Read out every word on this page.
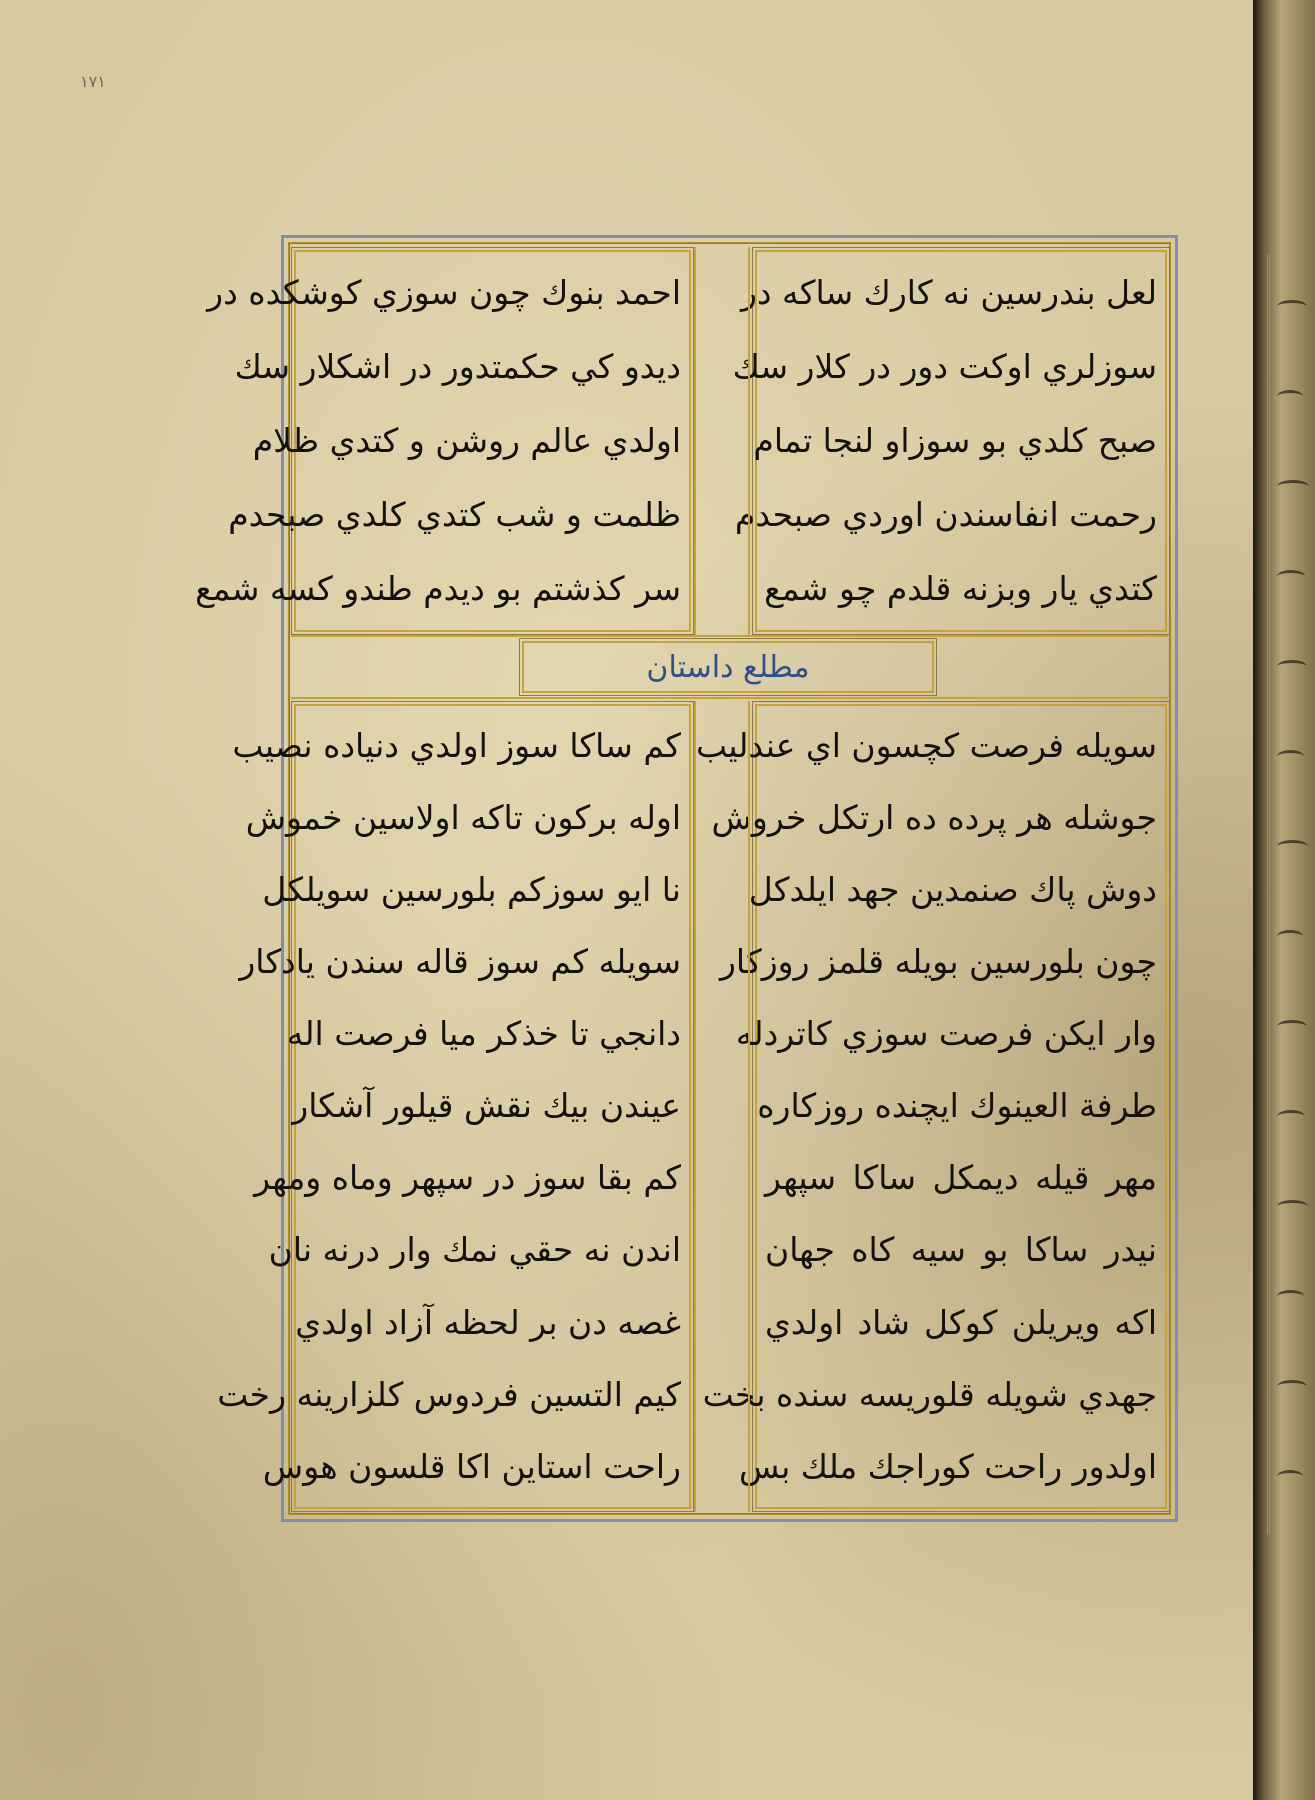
١٧١
لعل بندرسين نه كارك ساكه در
سوزلري اوكت دور در كلار سك
صبح كلدي بو سوزاو لنجا تمام
رحمت انفاسندن اوردي صبحدم
كتدي يار وبزنه قلدم چو شمع
احمد بنوك چون سوزي كوشكده در
ديدو كي حكمتدور در اشكلار سك
اولدي عالم روشن و كتدي ظلام
ظلمت و شب كتدي كلدي صبحدم
سر كذشتم بو ديدم طندو كسه شمع
مطلع داستان
سويله فرصت كچسون اي عندليب
جوشله هر پرده ده ارتكل خروش
دوش پاك صنمدين جهد ايلدكل
چون بلورسين بويله قلمز روزكار
وار ايكن فرصت سوزي كاتردله
طرفة العينوك ايچنده روزكاره
مهر قيله ديمكل ساكا سپهر
نيدر ساكا بو سيه كاه جهان
اكه ويريلن كوكل شاد اولدي
جهدي شويله قلوريسه سنده بخت
اولدور راحت كوراجك ملك بس
كم ساكا سوز اولدي دنياده نصيب
اوله بركون تاكه اولاسين خموش
نا ايو سوزكم بلورسين سويلكل
سويله كم سوز قاله سندن يادكار
دانجي تا خذكر ميا فرصت اله
عيندن بيك نقش قيلور آشكار
كم بقا سوز در سپهر وماه ومهر
اندن نه حقي نمك وار درنه نان
غصه دن بر لحظه آزاد اولدي
كيم التسين فردوس كلزارينه رخت
راحت استاين اكا قلسون هوس
